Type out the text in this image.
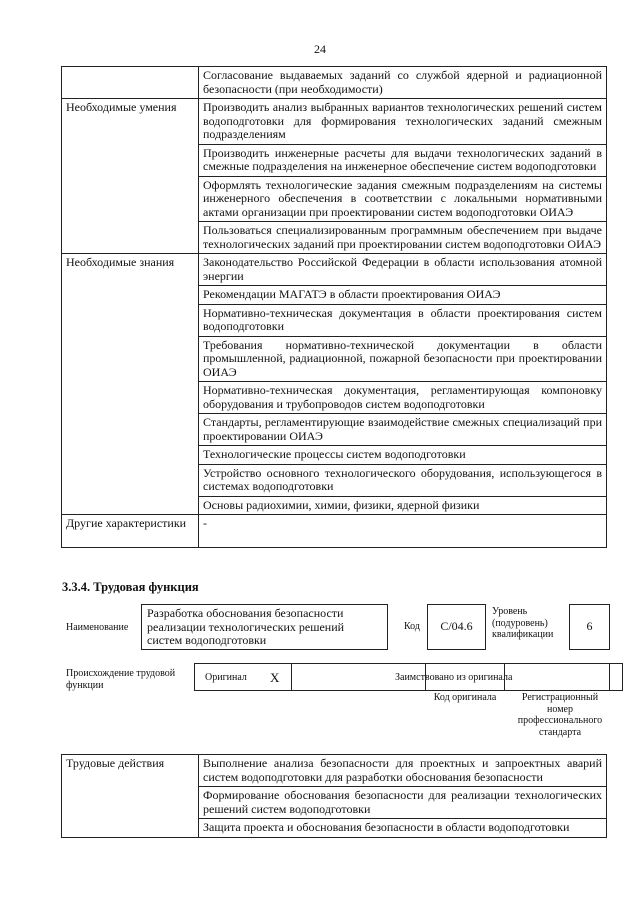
24
	Согласование выдаваемых заданий со службой ядерной и радиационной безопасности (при необходимости)
Необходимые умения	Производить анализ выбранных вариантов технологических решений систем водоподготовки для формирования технологических заданий смежным подразделениям
	Производить инженерные расчеты для выдачи технологических заданий в смежные подразделения на инженерное обеспечение систем водоподготовки
	Оформлять технологические задания смежным подразделениям на системы инженерного обеспечения в соответствии с локальными нормативными актами организации при проектировании систем водоподготовки ОИАЭ
	Пользоваться специализированным программным обеспечением при выдаче технологических заданий при проектировании систем водоподготовки ОИАЭ
Необходимые знания	Законодательство Российской Федерации в области использования атомной энергии
	Рекомендации МАГАТЭ в области проектирования ОИАЭ
	Нормативно-техническая документация в области проектирования систем водоподготовки
	Требования нормативно-технической документации в области промышленной, радиационной, пожарной безопасности при проектировании ОИАЭ
	Нормативно-техническая документация, регламентирующая компоновку оборудования и трубопроводов систем водоподготовки
	Стандарты, регламентирующие взаимодействие смежных специализаций при проектировании ОИАЭ
	Технологические процессы систем водоподготовки
	Устройство основного технологического оборудования, использующегося в системах водоподготовки
	Основы радиохимии, химии, физики, ядерной физики
Другие характеристики	-
3.3.4. Трудовая функция
Наименование
Разработка обоснования безопасности реализации технологических решений систем водоподготовки
Код	C/04.6
Уровень (подуровень) квалификации
6
Происхождение трудовой функции
Оригинал X	Заимствовано из оригинала
Код оригинала	Регистрационный номер профессионального стандарта
Трудовые действия	Выполнение анализа безопасности для проектных и запроектных аварий систем водоподготовки для разработки обоснования безопасности
Формирование обоснования безопасности для реализации технологических решений систем водоподготовки
Защита проекта и обоснования безопасности в области водоподготовки
